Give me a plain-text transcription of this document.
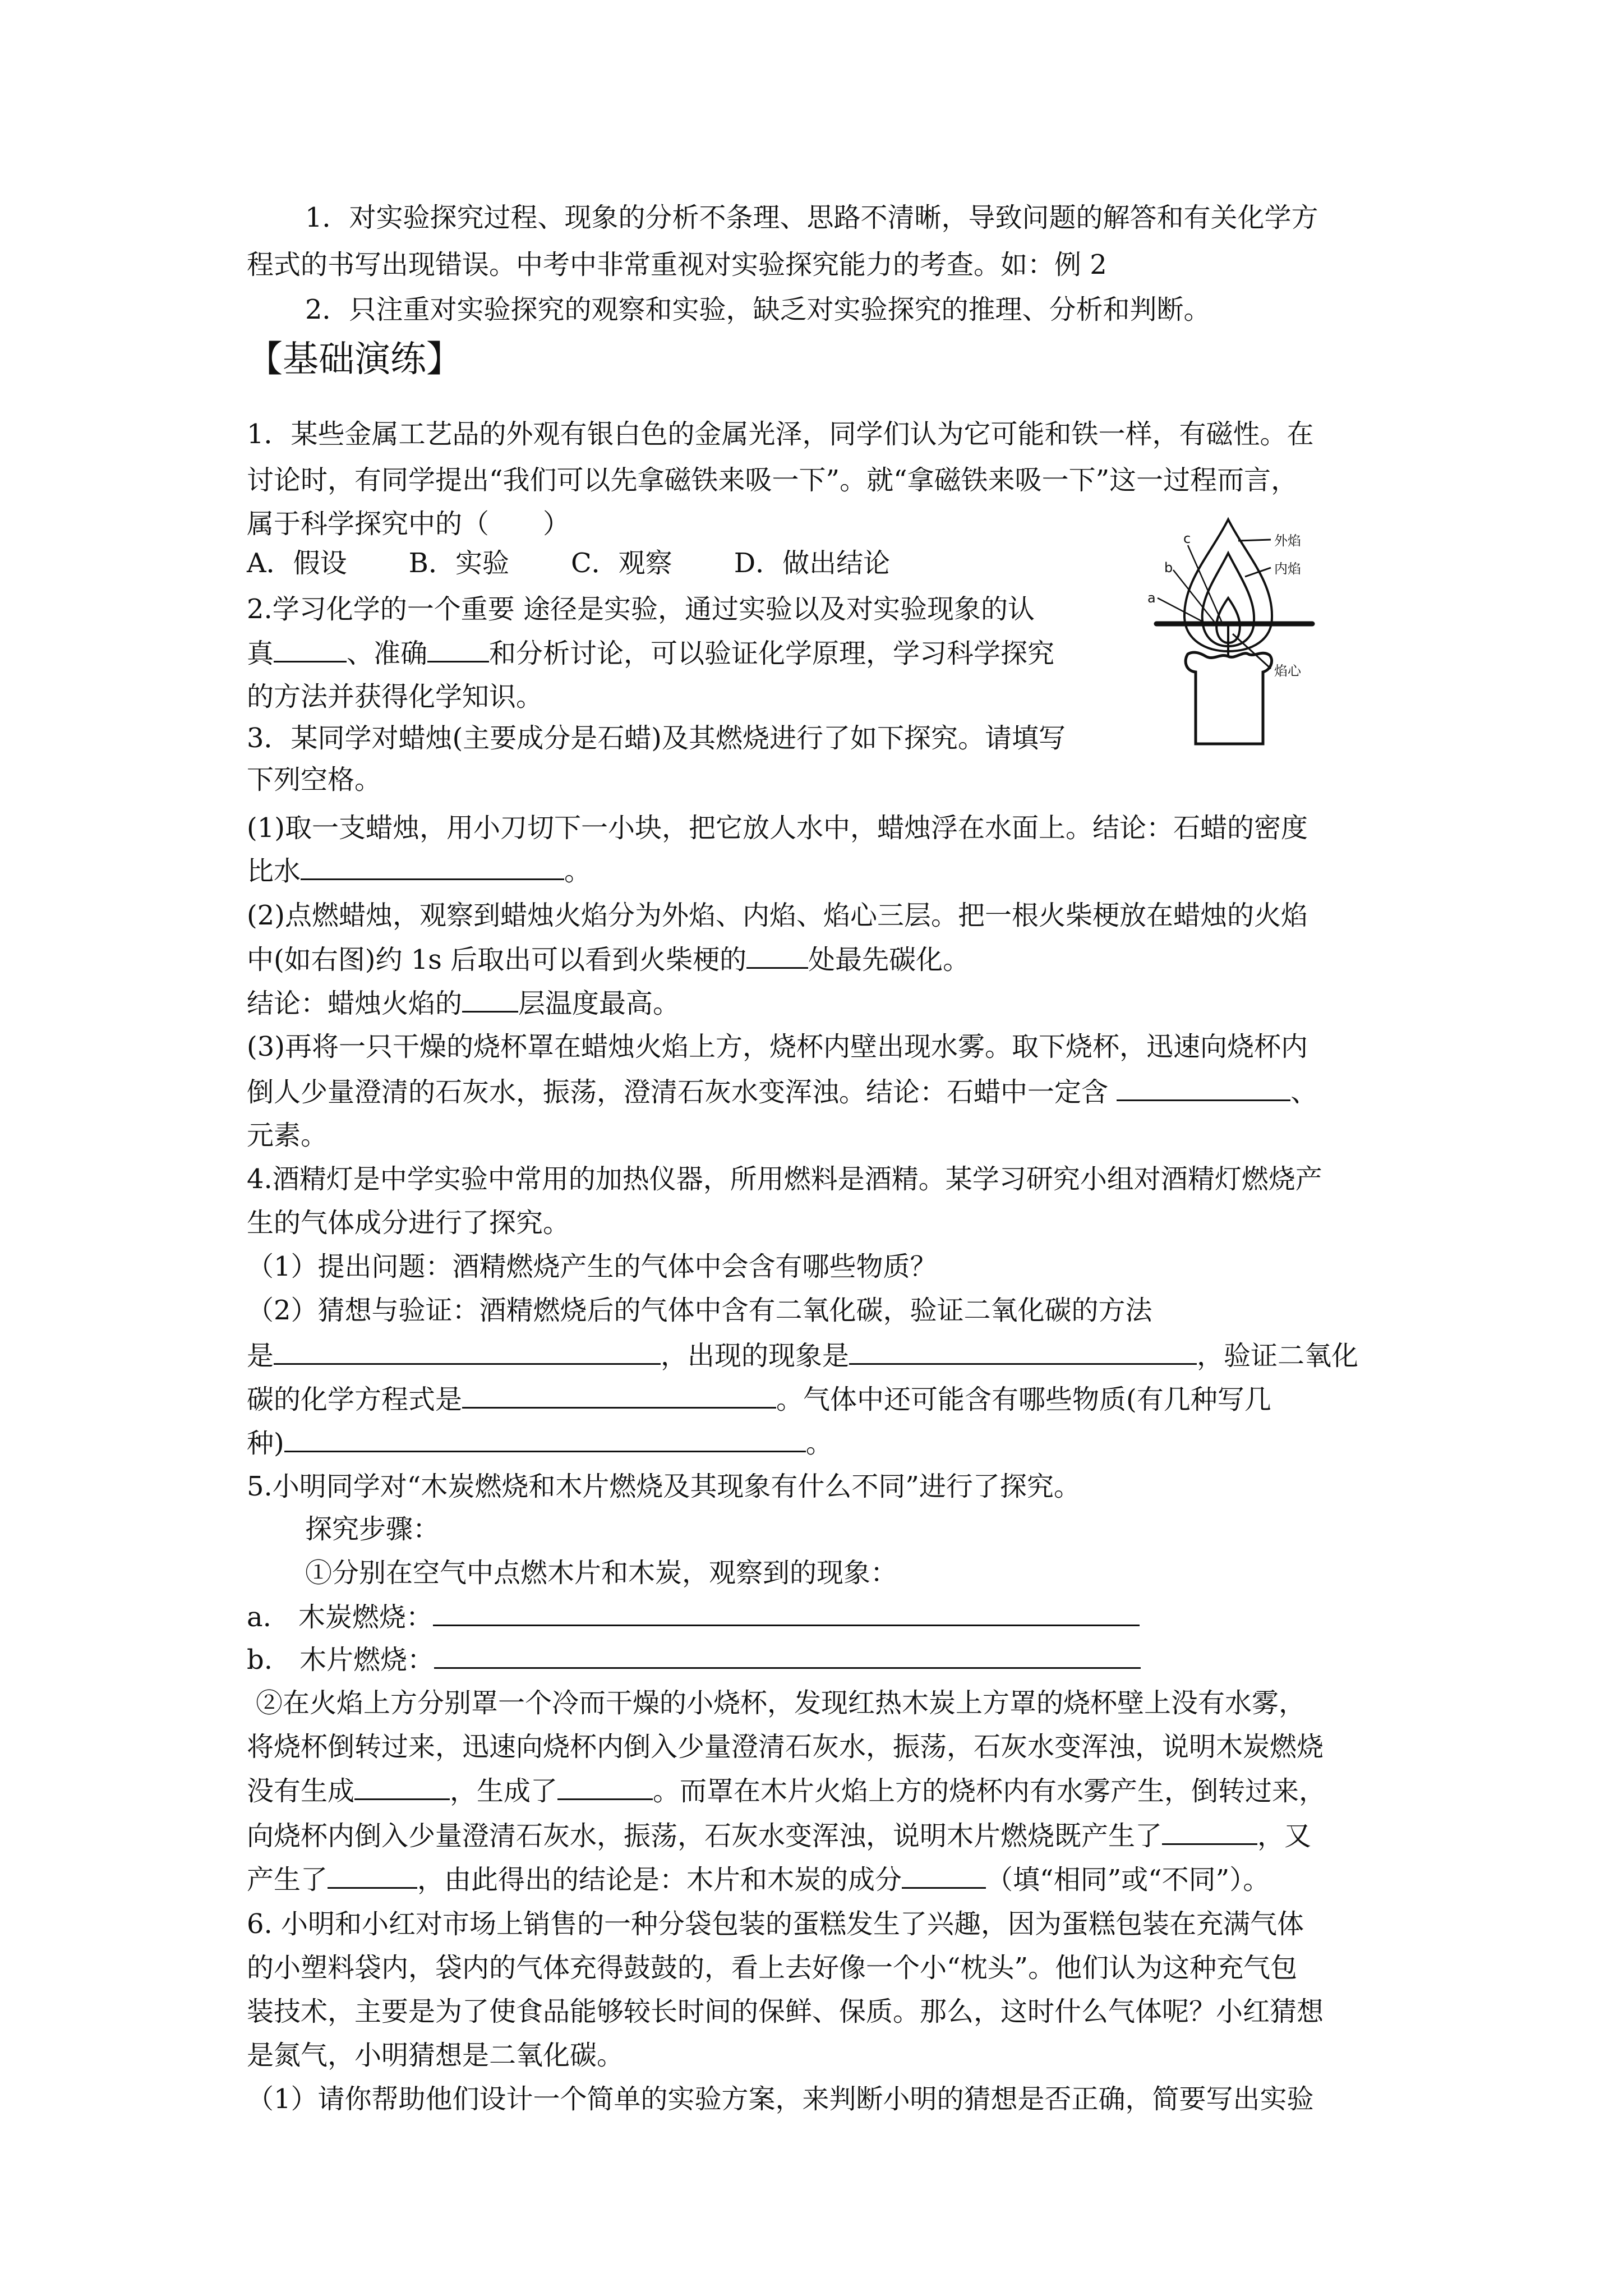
1．对实验探究过程、现象的分析不条理、思路不清晰，导致问题的解答和有关化学方
程式的书写出现错误。中考中非常重视对实验探究能力的考查。如：例 2
2．只注重对实验探究的观察和实验，缺乏对实验探究的推理、分析和判断。
【基础演练】
1．某些金属工艺品的外观有银白色的金属光泽，同学们认为它可能和铁一样，有磁性。在
讨论时，有同学提出“我们可以先拿磁铁来吸一下”。就“拿磁铁来吸一下”这一过程而言，
属于科学探究中的（　　）
A．假设 B．实验 C．观察 D．做出结论
2.学习化学的一个重要 途径是实验，通过实验以及对实验现象的认
真	、准确 和分析讨论，可以验证化学原理，学习科学探究
的方法并获得化学知识。
3．某同学对蜡烛(主要成分是石蜡)及其燃烧进行了如下探究。请填写
下列空格。
(1)取一支蜡烛，用小刀切下一小块，把它放人水中，蜡烛浮在水面上。结论：石蜡的密度
比水	。
(2)点燃蜡烛，观察到蜡烛火焰分为外焰、内焰、焰心三层。把一根火柴梗放在蜡烛的火焰
中(如右图)约 1s 后取出可以看到火柴梗的 处最先碳化。
结论：蜡烛火焰的 层温度最高。
(3)再将一只干燥的烧杯罩在蜡烛火焰上方，烧杯内壁出现水雾。取下烧杯，迅速向烧杯内
倒人少量澄清的石灰水，振荡，澄清石灰水变浑浊。结论：石蜡中一定含	、
元素。
4.酒精灯是中学实验中常用的加热仪器，所用燃料是酒精。某学习研究小组对酒精灯燃烧产
生的气体成分进行了探究。
（1）提出问题：酒精燃烧产生的气体中会含有哪些物质？
（2）猜想与验证：酒精燃烧后的气体中含有二氧化碳，验证二氧化碳的方法
是	，出现的现象是	，验证二氧化
碳的化学方程式是	。气体中还可能含有哪些物质(有几种写几
种)	。
5.小明同学对“木炭燃烧和木片燃烧及其现象有什么不同”进行了探究。
探究步骤：
①分别在空气中点燃木片和木炭，观察到的现象：
a.　木炭燃烧：
b.　木片燃烧：
②在火焰上方分别罩一个冷而干燥的小烧杯，发现红热木炭上方罩的烧杯壁上没有水雾，
将烧杯倒转过来，迅速向烧杯内倒入少量澄清石灰水，振荡，石灰水变浑浊，说明木炭燃烧
没有生成	，生成了	。而罩在木片火焰上方的烧杯内有水雾产生，倒转过来，
向烧杯内倒入少量澄清石灰水，振荡，石灰水变浑浊，说明木片燃烧既产生了	，又
产生了	，由此得出的结论是：木片和木炭的成分	（填“相同”或“不同”）。
6. 小明和小红对市场上销售的一种分袋包装的蛋糕发生了兴趣，因为蛋糕包装在充满气体
的小塑料袋内，袋内的气体充得鼓鼓的，看上去好像一个小“枕头”。他们认为这种充气包
装技术，主要是为了使食品能够较长时间的保鲜、保质。那么，这时什么气体呢？小红猜想
是氮气，小明猜想是二氧化碳。
（1）请你帮助他们设计一个简单的实验方案，来判断小明的猜想是否正确，简要写出实验
外焰
内焰
焰心
a
b
c
